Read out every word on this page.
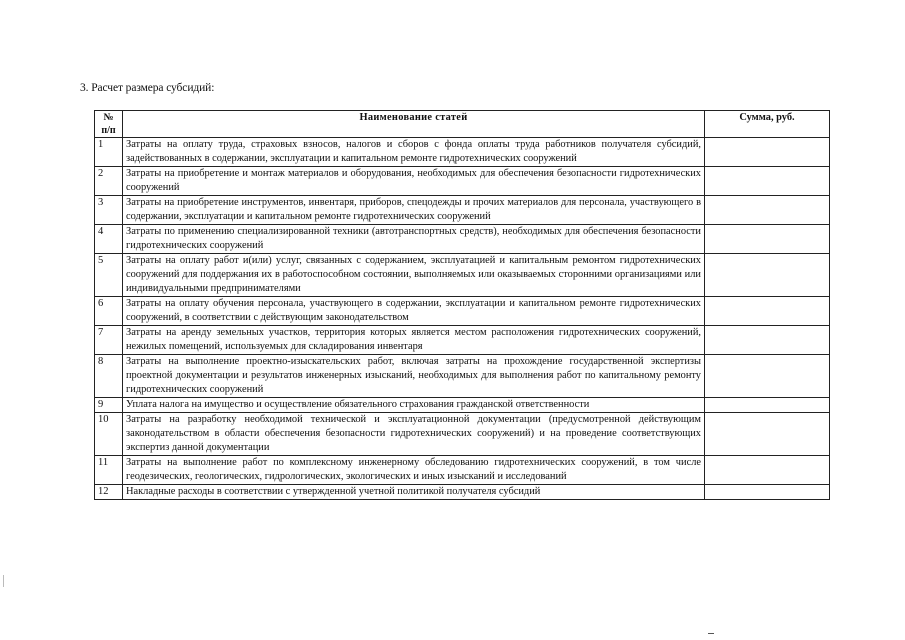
3. Расчет размера субсидий:
№ п/п	Наименование статей	Сумма, руб.
1	Затраты на оплату труда, страховых взносов, налогов и сборов с фонда оплаты труда работников получателя субсидий, задействованных в содержании, эксплуатации и капитальном ремонте гидротехнических сооружений	
2	Затраты на приобретение и монтаж материалов и оборудования, необходимых для обеспечения безопасности гидротехнических сооружений	
3	Затраты на приобретение инструментов, инвентаря, приборов, спецодежды и прочих материалов для персонала, участвующего в содержании, эксплуатации и капитальном ремонте гидротехнических сооружений	
4	Затраты по применению специализированной техники (автотранспортных средств), необходимых для обеспечения безопасности гидротехнических сооружений	
5	Затраты на оплату работ и(или) услуг, связанных с содержанием, эксплуатацией и капитальным ремонтом гидротехнических сооружений для поддержания их в работоспособном состоянии, выполняемых или оказываемых сторонними организациями или индивидуальными предпринимателями	
6	Затраты на оплату обучения персонала, участвующего в содержании, эксплуатации и капитальном ремонте гидротехнических сооружений, в соответствии с действующим законодательством	
7	Затраты на аренду земельных участков, территория которых является местом расположения гидротехнических сооружений, нежилых помещений, используемых для складирования инвентаря	
8	Затраты на выполнение проектно-изыскательских работ, включая затраты на прохождение государственной экспертизы проектной документации и результатов инженерных изысканий, необходимых для выполнения работ по капитальному ремонту гидротехнических сооружений	
9	Уплата налога на имущество и осуществление обязательного страхования гражданской ответственности	
10	Затраты на разработку необходимой технической и эксплуатационной документации (предусмотренной действующим законодательством в области обеспечения безопасности гидротехнических сооружений) и на проведение соответствующих экспертиз данной документации	
11	Затраты на выполнение работ по комплексному инженерному обследованию гидротехнических сооружений, в том числе геодезических, геологических, гидрологических, экологических и иных изысканий и исследований	
12	Накладные расходы в соответствии с утвержденной учетной политикой получателя субсидий	
